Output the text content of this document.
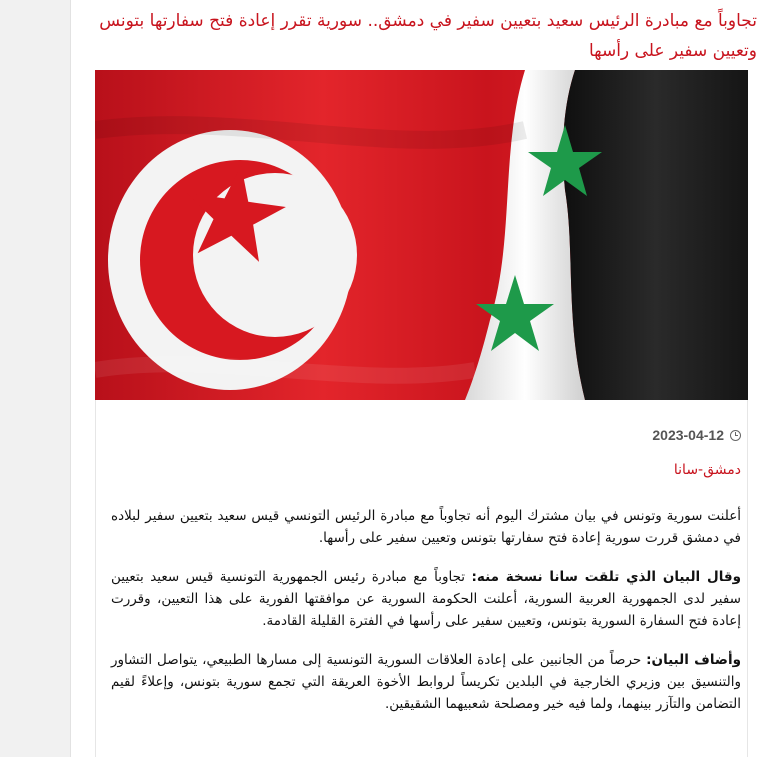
تجاوباً مع مبادرة الرئيس سعيد بتعيين سفير في دمشق.. سورية تقرر إعادة فتح سفارتها بتونس وتعيين سفير على رأسها
2023-04-12

دمشق-سانا

أعلنت سورية وتونس في بيان مشترك اليوم أنه تجاوباً مع مبادرة الرئيس التونسي قيس سعيد بتعيين سفير لبلاده في دمشق قررت سورية إعادة فتح سفارتها بتونس وتعيين سفير على رأسها.

وقال البيان الذي تلقت سانا نسخة منه: تجاوباً مع مبادرة رئيس الجمهورية التونسية قيس سعيد بتعيين سفير لدى الجمهورية العربية السورية، أعلنت الحكومة السورية عن موافقتها الفورية على هذا التعيين، وقررت إعادة فتح السفارة السورية بتونس، وتعيين سفير على رأسها في الفترة القليلة القادمة.

وأضاف البيان: حرصاً من الجانبين على إعادة العلاقات السورية التونسية إلى مسارها الطبيعي، يتواصل التشاور والتنسيق بين وزيري الخارجية في البلدين تكريساً لروابط الأخوة العريقة التي تجمع سورية بتونس، وإعلاءً لقيم التضامن والتآزر بينهما، ولما فيه خير ومصلحة شعبيهما الشقيقين.
